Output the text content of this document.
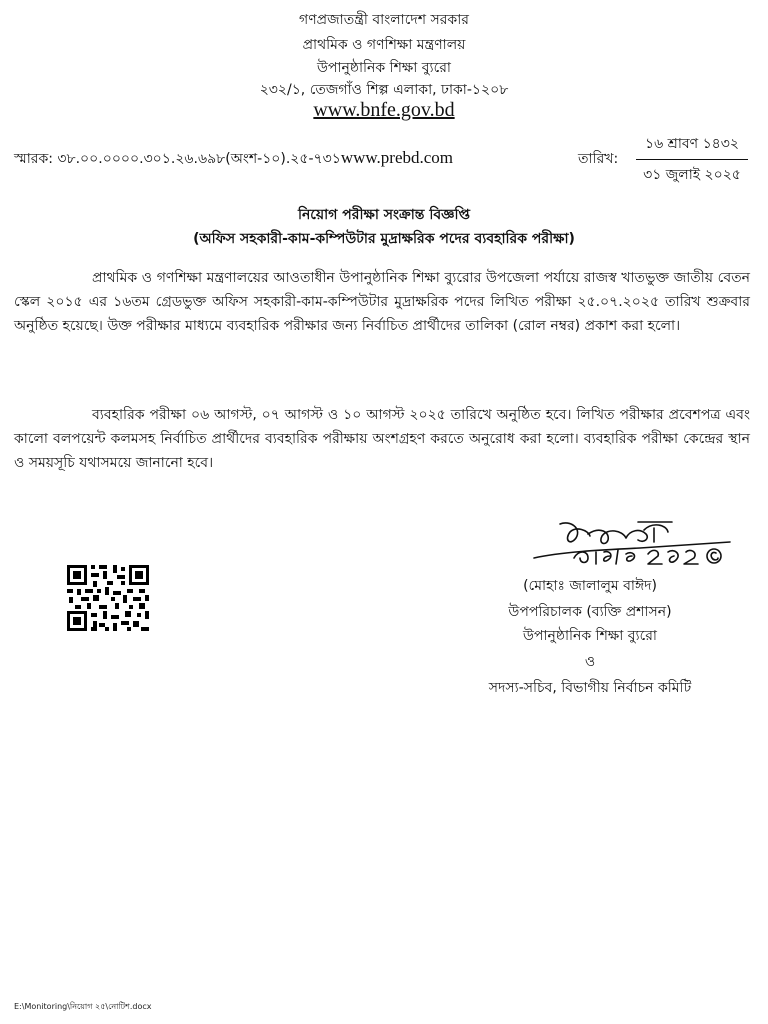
গণপ্রজাতন্ত্রী বাংলাদেশ সরকার
প্রাথমিক ও গণশিক্ষা মন্ত্রণালয়
উপানুষ্ঠানিক শিক্ষা ব্যুরো
২৩২/১, তেজগাঁও শিল্প এলাকা, ঢাকা-১২০৮
www.bnfe.gov.bd
স্মারক: ৩৮.০০.০০০০.৩০১.২৬.৬৯৮(অংশ-১০).২৫-৭৩১www.prebd.com	তারিখ:
১৬ শ্রাবণ ১৪৩২
৩১ জুলাই ২০২৫
নিয়োগ পরীক্ষা সংক্রান্ত বিজ্ঞপ্তি
(অফিস সহকারী-কাম-কম্পিউটার মুদ্রাক্ষরিক পদের ব্যবহারিক পরীক্ষা)
প্রাথমিক ও গণশিক্ষা মন্ত্রণালয়ের আওতাধীন উপানুষ্ঠানিক শিক্ষা ব্যুরোর উপজেলা পর্যায়ে রাজস্ব খাতভুক্ত জাতীয় বেতন স্কেল ২০১৫ এর ১৬তম গ্রেডভুক্ত অফিস সহকারী-কাম-কম্পিউটার মুদ্রাক্ষরিক পদের লিখিত পরীক্ষা ২৫.০৭.২০২৫ তারিখ শুক্রবার অনুষ্ঠিত হয়েছে। উক্ত পরীক্ষার মাধ্যমে ব্যবহারিক পরীক্ষার জন্য নির্বাচিত প্রার্থীদের তালিকা (রোল নম্বর) প্রকাশ করা হলো।
ব্যবহারিক পরীক্ষা ০৬ আগস্ট, ০৭ আগস্ট ও ১০ আগস্ট ২০২৫ তারিখে অনুষ্ঠিত হবে। লিখিত পরীক্ষার প্রবেশপত্র এবং কালো বলপয়েন্ট কলমসহ নির্বাচিত প্রার্থীদের ব্যবহারিক পরীক্ষায় অংশগ্রহণ করতে অনুরোধ করা হলো। ব্যবহারিক পরীক্ষা কেন্দ্রের স্থান ও সময়সূচি যথাসময়ে জানানো হবে।
(মোহাঃ জালালুম বাঈদ)
উপপরিচালক (ব্যক্তি প্রশাসন)
উপানুষ্ঠানিক শিক্ষা ব্যুরো
ও
সদস্য-সচিব, বিভাগীয় নির্বাচন কমিটি
E:\Monitoring\নিয়োগ ২৫\নোটিশ.docx
